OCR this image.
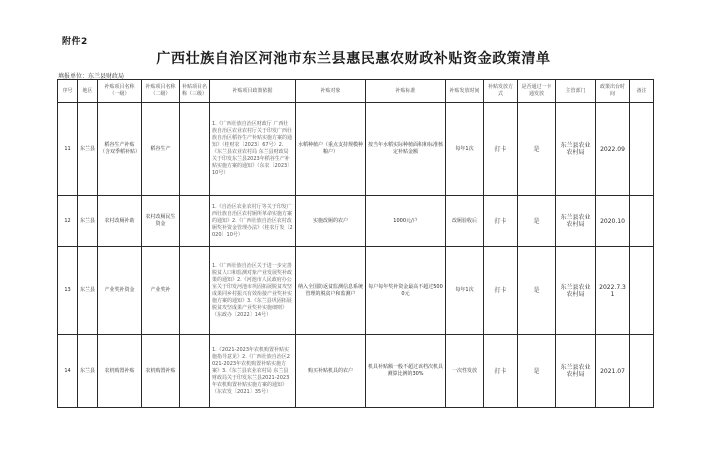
附件2
广西壮族自治区河池市东兰县惠民惠农财政补贴资金政策清单
填报单位：东兰县财政局
序号	地区	补贴项目名称（一级）	补贴项目名称（二级）	补贴项目名称（三级）	补贴项目政策依据	补贴对象	补贴标准	补贴发放时间	补贴发放方式	是否通过一卡通发放	主管部门	政策出台时间	备注
11	东兰县	稻谷生产补贴（含双季稻补贴）	稻谷生产		1.《广西壮族自治区财政厅 广西壮族自治区农业农村厅关于印发广西壮族自治区稻谷生产补贴实施方案的通知》（桂财农〔2023〕67号）2.《东兰县农业农村局 东兰县财政局关于印发东兰县2023年稻谷生产补贴实施方案的通知》（东农〔2023〕10号）	水稻种植户（重点支持规模种粮户）	按当年水稻实际种植面积和标准核定补贴金额	每年1次	打卡	是	东兰县农业农村局	2022.09	
12	东兰县	农村改厕补助	农村改厕民生资金		1.《自治区农业农村厅等关于印发广西壮族自治区农村厕所革命实施方案的通知》2.《广西壮族自治区农村改厕奖补资金管理办法》（桂农厅发〔2020〕10号）	实施改厕的农户	1000元/户	改厕验收后	打卡	是	东兰县农业农村局	2020.10	
13	东兰县	产业奖补资金	产业奖补		1.《广西壮族自治区关于进一步完善脱贫人口和监测对象产业发展奖补政策的通知》2.《河池市人民政府办公室关于印发河池市巩固拓展脱贫攻坚成果同乡村振兴有效衔接产业奖补实施方案的通知》3.《东兰县巩固拓展脱贫攻坚成果产业奖补实施细则》（东政办〔2022〕14号）	纳入全国防返贫监测信息系统管理的脱贫户和监测户	每户每年奖补资金最高不超过5000元	每年1次	打卡	是	东兰县农业农村局	2022.7.31	
14	东兰县	农机购置补贴	农机购置补贴		1.《2021-2023年农机购置补贴实施指导意见》2.《广西壮族自治区2021-2023年农机购置补贴实施方案》3.《东兰县农业农村局 东兰县财政局关于印发东兰县2021-2023年农机购置补贴实施方案的通知》（东农发〔2021〕35号）	购买补贴机具的农户	机具补贴额一般不超过该档次机具测算比例的30%	一次性发放	打卡	是	东兰县农业农村局	2021.07	
